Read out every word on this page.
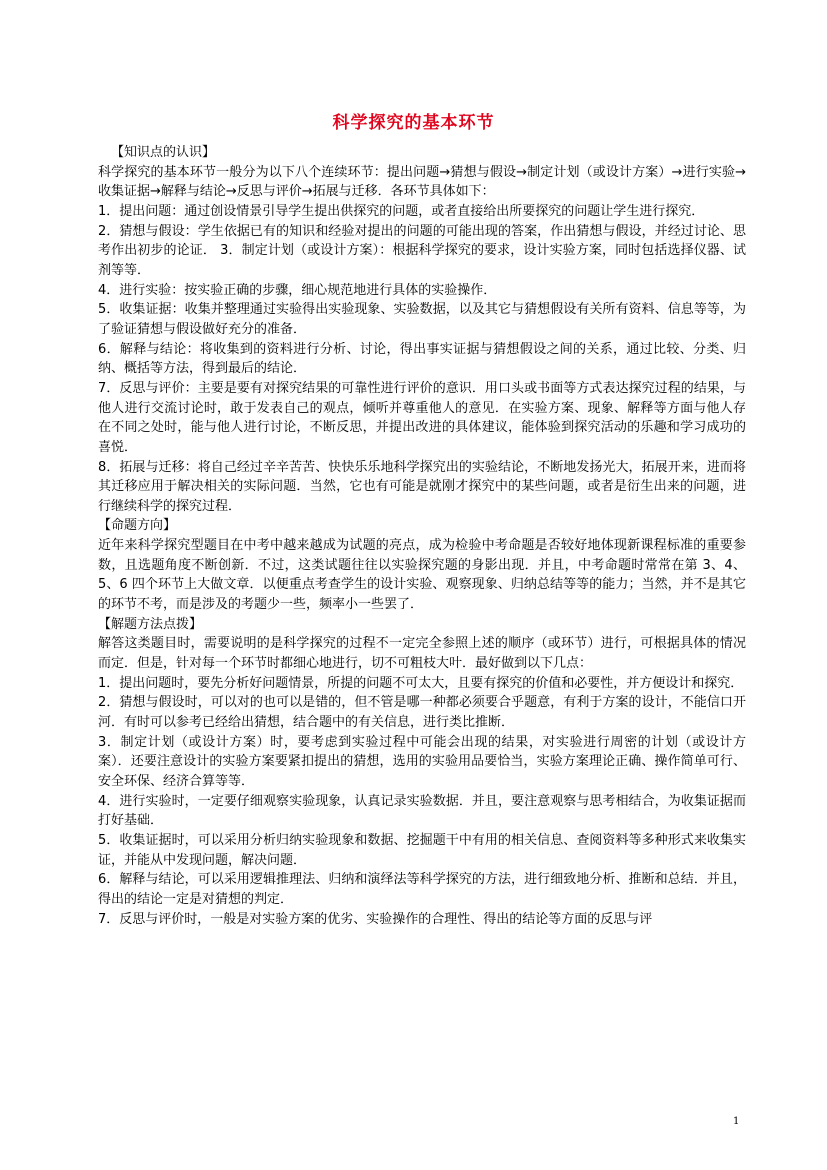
科学探究的基本环节

【知识点的认识】

科学探究的基本环节一般分为以下八个连续环节：提出问题→猜想与假设→制定计划（或设计方案）→进行实验→收集证据→解释与结论→反思与评价→拓展与迁移．各环节具体如下：

1．提出问题：通过创设情景引导学生提出供探究的问题，或者直接给出所要探究的问题让学生进行探究．

2．猜想与假设：学生依据已有的知识和经验对提出的问题的可能出现的答案，作出猜想与假设，并经过讨论、思考作出初步的论证． 3．制定计划（或设计方案）：根据科学探究的要求，设计实验方案，同时包括选择仪器、试剂等等．

4．进行实验：按实验正确的步骤，细心规范地进行具体的实验操作．

5．收集证据：收集并整理通过实验得出实验现象、实验数据，以及其它与猜想假设有关所有资料、信息等等，为了验证猜想与假设做好充分的准备．

6．解释与结论：将收集到的资料进行分析、讨论，得出事实证据与猜想假设之间的关系，通过比较、分类、归纳、概括等方法，得到最后的结论．

7．反思与评价：主要是要有对探究结果的可靠性进行评价的意识．用口头或书面等方式表达探究过程的结果，与他人进行交流讨论时，敢于发表自己的观点，倾听并尊重他人的意见．在实验方案、现象、解释等方面与他人存在不同之处时，能与他人进行讨论，不断反思，并提出改进的具体建议，能体验到探究活动的乐趣和学习成功的喜悦．

8．拓展与迁移：将自己经过辛辛苦苦、快快乐乐地科学探究出的实验结论，不断地发扬光大，拓展开来，进而将其迁移应用于解决相关的实际问题．当然，它也有可能是就刚才探究中的某些问题，或者是衍生出来的问题，进行继续科学的探究过程．

【命题方向】

近年来科学探究型题目在中考中越来越成为试题的亮点，成为检验中考命题是否较好地体现新课程标准的重要参数，且选题角度不断创新．不过，这类试题往往以实验探究题的身影出现．并且，中考命题时常常在第 3、4、5、6 四个环节上大做文章．以便重点考查学生的设计实验、观察现象、归纳总结等等的能力；当然，并不是其它的环节不考，而是涉及的考题少一些，频率小一些罢了．

【解题方法点拨】

解答这类题目时，需要说明的是科学探究的过程不一定完全参照上述的顺序（或环节）进行，可根据具体的情况而定．但是，针对每一个环节时都细心地进行，切不可粗枝大叶．最好做到以下几点：

1．提出问题时，要先分析好问题情景，所提的问题不可太大，且要有探究的价值和必要性，并方便设计和探究．

2．猜想与假设时，可以对的也可以是错的，但不管是哪一种都必须要合乎题意，有利于方案的设计，不能信口开河．有时可以参考已经给出猜想，结合题中的有关信息，进行类比推断．

3．制定计划（或设计方案）时，要考虑到实验过程中可能会出现的结果，对实验进行周密的计划（或设计方案）．还要注意设计的实验方案要紧扣提出的猜想，选用的实验用品要恰当，实验方案理论正确、操作简单可行、安全环保、经济合算等等．

4．进行实验时，一定要仔细观察实验现象，认真记录实验数据．并且，要注意观察与思考相结合，为收集证据而打好基础．

5．收集证据时，可以采用分析归纳实验现象和数据、挖掘题干中有用的相关信息、查阅资料等多种形式来收集实证，并能从中发现问题，解决问题．

6．解释与结论，可以采用逻辑推理法、归纳和演绎法等科学探究的方法，进行细致地分析、推断和总结．并且，得出的结论一定是对猜想的判定．

7．反思与评价时，一般是对实验方案的优劣、实验操作的合理性、得出的结论等方面的反思与评

1
